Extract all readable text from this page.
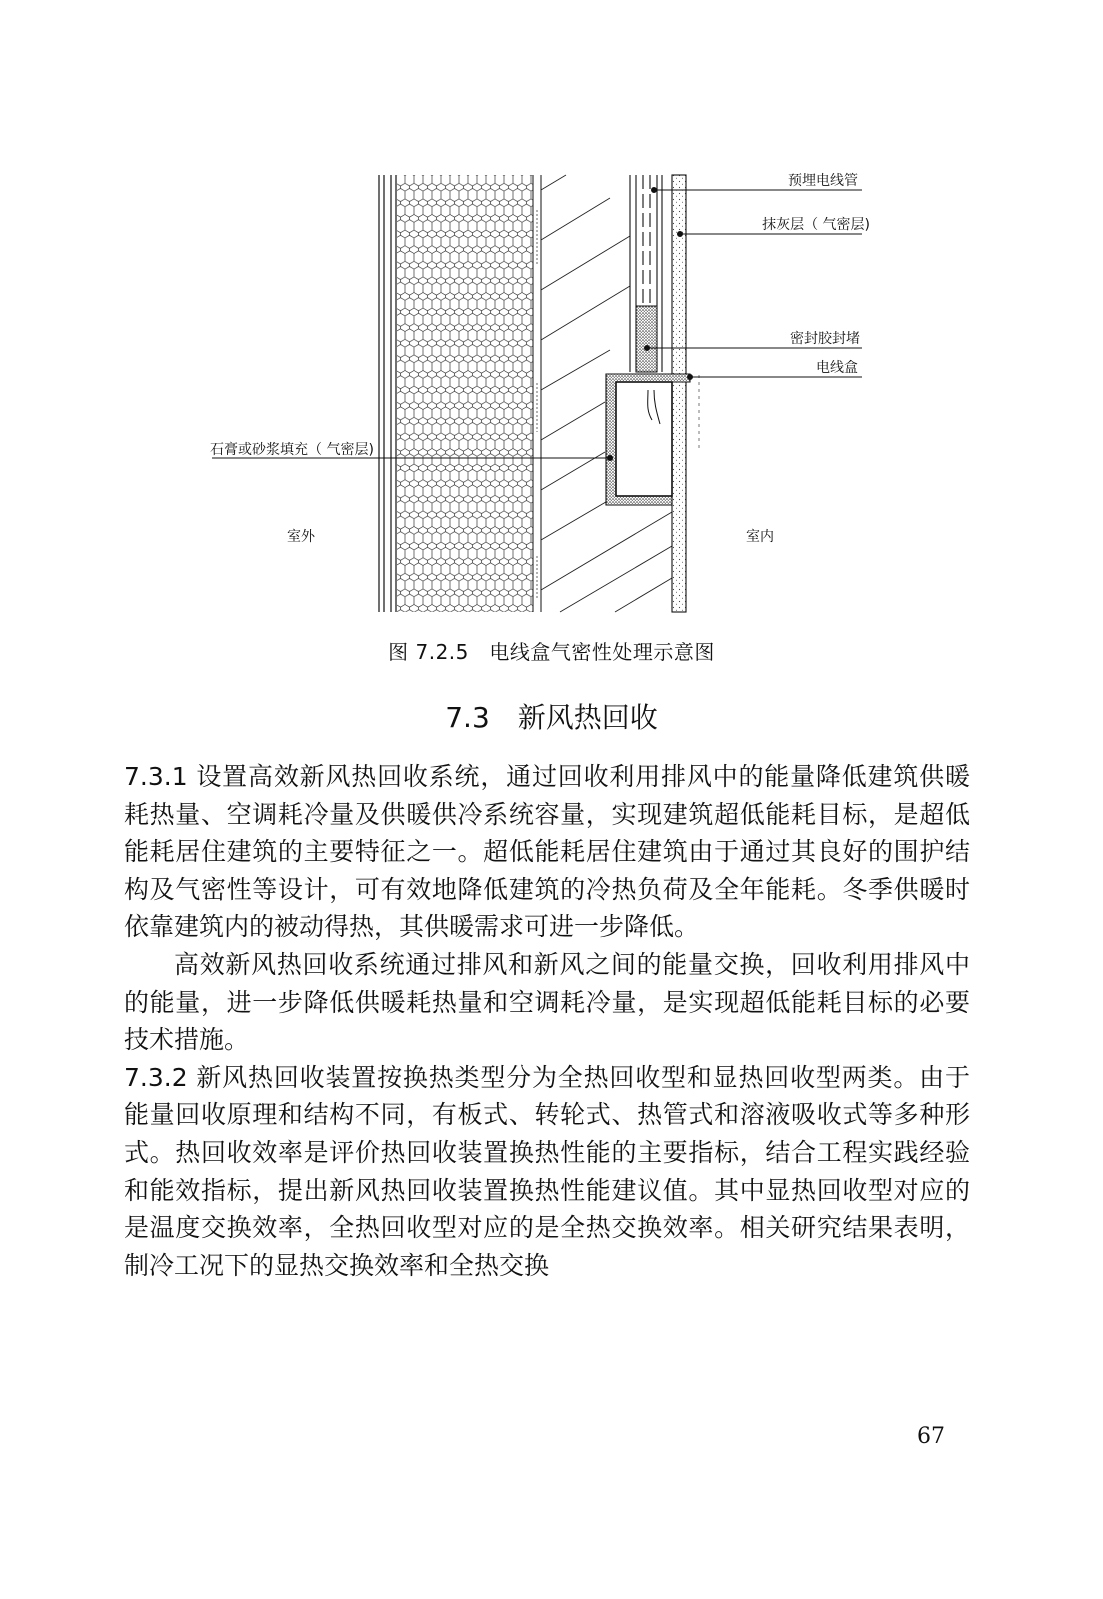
预埋电线管
抹灰层（ 气密层)
密封胶封堵
电线盒
石膏或砂浆填充（ 气密层)
室外	室内
图 7.2.5　电线盒气密性处理示意图
7.3　新风热回收

7.3.1 设置高效新风热回收系统，通过回收利用排风中的能量降低建筑供暖耗热量、空调耗冷量及供暖供冷系统容量，实现建筑超低能耗目标，是超低能耗居住建筑的主要特征之一。超低能耗居住建筑由于通过其良好的围护结构及气密性等设计，可有效地降低建筑的冷热负荷及全年能耗。冬季供暖时依靠建筑内的被动得热，其供暖需求可进一步降低。

高效新风热回收系统通过排风和新风之间的能量交换，回收利用排风中的能量，进一步降低供暖耗热量和空调耗冷量，是实现超低能耗目标的必要技术措施。

7.3.2 新风热回收装置按换热类型分为全热回收型和显热回收型两类。由于能量回收原理和结构不同，有板式、转轮式、热管式和溶液吸收式等多种形式。热回收效率是评价热回收装置换热性能的主要指标，结合工程实践经验和能效指标，提出新风热回收装置换热性能建议值。其中显热回收型对应的是温度交换效率，全热回收型对应的是全热交换效率。相关研究结果表明，制冷工况下的显热交换效率和全热交换

67
